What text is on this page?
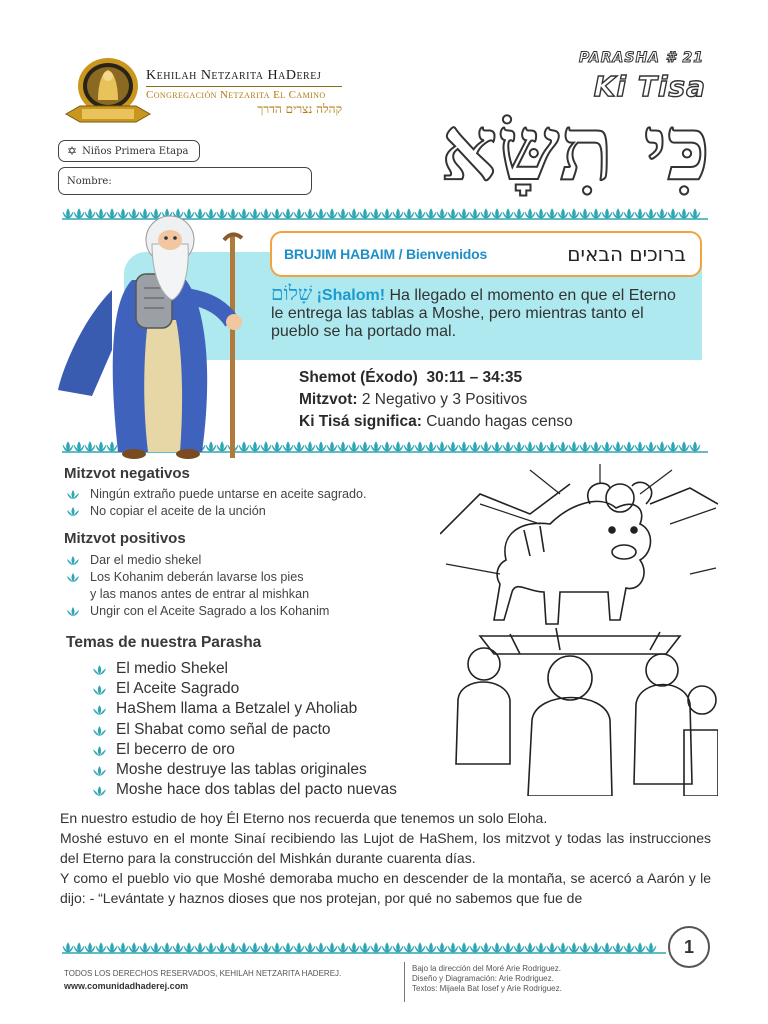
Kehilah Netzarita HaDerej
Congregación Netzarita El Camino
קהלה נצרים הדרך
PARASHA # 21
Ki Tisa
כִּי תִשָּׂא
✡ Niños Primera Etapa
Nombre:
BRUJIM HABAIM / Bienvenidos	ברוכים הבאים
שָׁלוֹם ¡Shalom! Ha llegado el momento en que el Eterno le entrega las tablas a Moshe, pero mientras tanto el pueblo se ha portado mal.
Shemot (Éxodo) 30:11 – 34:35
Mitzvot: 2 Negativo y 3 Positivos
Ki Tisá significa: Cuando hagas censo
Mitzvot negativos
Ningún extraño puede untarse en aceite sagrado.
No copiar el aceite de la unción
Mitzvot positivos
Dar el medio shekel
Los Kohanim deberán lavarse los pies
y las manos antes de entrar al mishkan
Ungir con el Aceite Sagrado a los Kohanim
Temas de nuestra Parasha
El medio Shekel
El Aceite Sagrado
HaShem llama a Betzalel y Aholiab
El Shabat como señal de pacto
El becerro de oro
Moshe destruye las tablas originales
Moshe hace dos tablas del pacto nuevas
En nuestro estudio de hoy Él Eterno nos recuerda que tenemos un solo Eloha.
Moshé estuvo en el monte Sinaí recibiendo las Lujot de HaShem, los mitzvot y todas las instrucciones del Eterno para la construcción del Mishkán durante cuarenta días.
Y como el pueblo vio que Moshé demoraba mucho en descender de la montaña, se acercó a Aarón y le dijo: - “Levántate y haznos dioses que nos protejan, por qué no sabemos que fue de
1
TODOS LOS DERECHOS RESERVADOS, KEHILAH NETZARITA HADEREJ.
www.comunidadhaderej.com
Bajo la dirección del Moré Arie Rodriguez.
Diseño y Diagramación: Arie Rodriguez.
Textos: Mijaela Bat Iosef y Arie Rodriguez.
